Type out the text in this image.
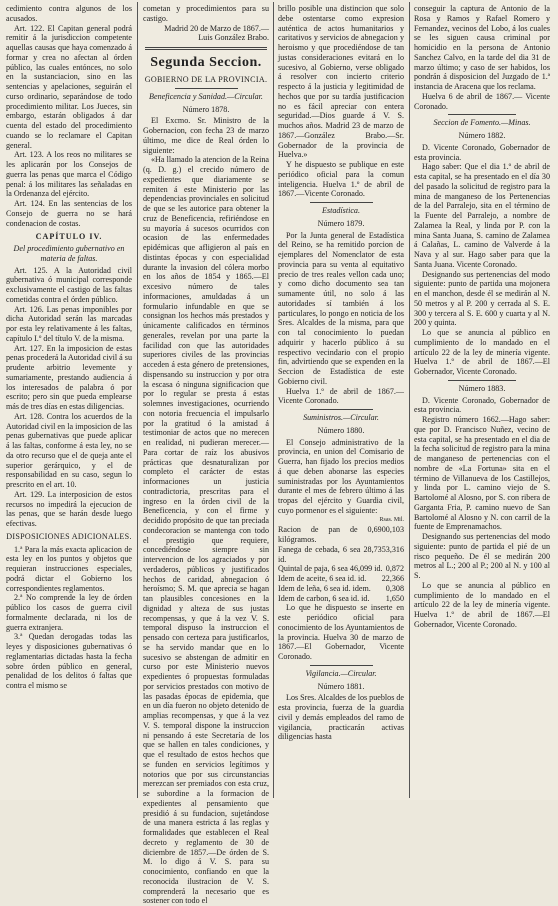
cedimiento contra algunos de los acusados.

Art. 122. El Capitan general podrá remitir á la jurisdiccion competente aquellas causas que haya comenzado á formar y crea no afectan al órden público, las cuales entónces, no solo en la sustanciacion, sino en las sentencias y apelaciones, seguirán el curso ordinario, separándose de todo procedimiento militar. Los Jueces, sin embargo, estarán obligados á dar cuenta del estado del procedimiento cuando se lo reclamare el Capitan general.

Art. 123. A los reos no militares se les aplicarán por los Consejos de guerra las penas que marca el Código penal: á los militares las señaladas en la Ordenanza del ejército.

Art. 124. En las sentencias de los Consejo de guerra no se hará condenacion de costas.

CAPÍTULO IV.

Del procedimiento gubernativo en materia de faltas.

Art. 125. A la Autoridad civil gubernativa ó municipal corresponde exclusivamente el castigo de las faltas cometidas contra el órden público.

Art. 126. Las penas imponibles por dicha Autoridad serán las marcadas por esta ley relativamente á les faltas, capítulo I.º del título V. de la misma.

Art. 127. En la imposicion de estas penas procederá la Autoridad civil á su prudente arbitrio levemente y sumariamente, prestando audiencia á los interesados de palabra ó por escrito; pero sin que pueda emplearse más de tres días en estas diligencias.

Art. 128. Contra los acuerdos de la Autoridad civil en la imposicion de las penas gubernativas que puede aplicar á las faltas, conforme á esta ley, no se da otro recurso que el de queja ante el superior gerárquico, y el de responsabilidad en su caso, segun lo prescrito en el art. 10.

Art. 129. La interposicion de estos recursos no impedirá la ejecucion de las penas, que se harán desde luego efectivas.

DISPOSICIONES ADICIONALES.

1.ª Para la más exacta aplicacion de esta ley en los puntos y objetos que requieran instrucciones especiales, podrá dictar el Gobierno los correspondientes reglamentos.

2.ª No comprende la ley de órden público los casos de guerra civil formalmente declarada, ni los de guerra extranjera.

3.ª Quedan derogadas todas las leyes y disposiciones gubernativas ó reglamentarias dictadas hasta la fecha sobre órden público en general, penalidad de los delitos ó faltas que contra el mismo se

cometan y procedimientos para su castigo.

Madrid 20 de Marzo de 1867.— Luis González Brabo.

Segunda Seccion.
GOBIERNO DE LA PROVINCIA.

Beneficencia y Sanidad.—Circular.

Número 1878.

El Excmo. Sr. Ministro de la Gobernacion, con fecha 23 de marzo último, me dice de Real órden lo siguiente:

«Ha llamado la atencion de la Reina (q. D. g.) el crecido número de expedientes que diariamente se remiten á este Ministerio por las dependencias provinciales en solicitud de que se les autorice para obtener la cruz de Beneficencia, refiriéndose en su mayoría á sucesos ocurridos con ocasion de las enfermedades epidémicas que afligieron al país en distintas épocas y con especialidad durante la invasion del cólera morbo en los años de 1854 y 1865.—El excesivo número de tales informaciones, amuldadas á un formulario infundable en que se consignan los hechos más prestados y únicamente calificados en términos generales, revelan por una parte la facilidad con que las autoridades superiores civiles de las provincias acceden á esta género de pretensiones, dispensando su instruccion y por otra la escasa ó ninguna significacion que por lo regular se presta á estas solemnes investigaciones, ocurriendo con notoria frecuencia el impulsarlo por la gratitud ó la amistad á testimoniar de actos que no merecen en realidad, ni pudieran merecer.—Para cortar de raíz los abusivos prácticas que desnaturalizan por completo el carácter de estas informaciones un justicia contradictoria, prescritas para el ingreso en la órden civil de la Beneficencia, y con el firme y decidido propósito de que tan preciada condecoracion se mantenga con todo el prestigio que requiere, concediéndose siempre sin intervencion de los agraciados y por verdaderos, públicos y justificados hechos de caridad, abnegacion ó heroísmo; S. M. que aprecia se hagan tan plausibles concesiones en la dignidad y alteza de sus justas recompensas, y que á la vez V. S. temporal dispuso la instruccion el pensado con certeza para justificarlos, se ha servido mandar que en lo sucesivo se abstengan de admitir en curso por este Ministerio nuevos expedientes ó propuestas formuladas por servicios prestados con motivo de las pasadas épocas de epidemia, que en un día fueron no objeto detenido de amplias recompensas, y que á la vez V. S. temporal dispone la instruccion ni pensando á este Secretaría de los que se hallen en tales condiciones, y que el resultado de estos hechos que se funden en servicios legítimos y notorios que por sus circunstancias merezcan ser premiados con esta cruz, se subordine a la formacion de expedientes al pensamiento que presidió á su fundacion, sujetándose de una manera estricta á las reglas y formalidades que establecen el Real decreto y reglamento de 30 de diciembre de 1857.—De órden de S. M. lo digo á V. S. para su conocimiento, confiando en que la reconocida ilustracion de V. S. comprenderá la necesario que es sostener con todo el

brillo posible una distincion que solo debe ostentarse como expresion auténtica de actos humanitarios y caritativos y servicios de abnegacion y heroismo y que procediéndose de tan justas consideraciones evitará en lo sucesivo, al Gobierno, verse obligado á resolver con incierto criterio respecto á la justicia y legitimidad de hechos que por su tardía justificacion no es fácil apreciar con entera seguridad.—Dios guarde á V. S. muchos años. Madrid 23 de marzo de 1867.—González Brabo.—Sr. Gobernador de la provincia de Huelva.»

Y he dispuesto se publique en este periódico oficial para la comun inteligencia. Huelva 1.º de abril de 1867.—Vicente Coronado.

Estadística.

Número 1879.

Por la Junta general de Estadística del Reino, se ha remitido porcion de ejemplares del Nomenclator de esta provincia para su venta al equitativo precio de tres reales vellon cada uno; y como dicho documento sea tan sumamente útil, no solo á las autoridades sí también á los particulares, lo pongo en noticia de los Sres. Alcaldes de la misma, para que con tal conocimiento lo puedan adquirir y hacerlo público á su respectivo vecindario con el propio fin, advirtiendo que se expenden en la Seccion de Estadística de este Gobierno civil.

Huelva 1.º de abril de 1867.— Vicente Coronado.

Suministros.—Circular.

Número 1880.

El Consejo administrativo de la provincia, en union del Comisario de Guerra, han fijado los precios medios á que deben abonarse las especies suministradas por los Ayuntamientos durante el mes de febrero último á las tropas del ejército y Guardia civil, cuyo pormenor es el siguiente:

Rsas. Mil.

Racion de pan de 0,690 kilógramos.
0,103
Fanega de cebada, 6 sea 28,735 id.
3,316
Quintal de paja, 6 sea 46,099 id. 0,872
Idem de aceite, 6 sea id. id. 22,366
Idem de leña, 6 sea id. idem. 0,308
Idem de carbon, 6 sea id. id. 1,650

Lo que he dispuesto se inserte en este periódico oficial para conocimiento de los Ayuntamientos de la provincia. Huelva 30 de marzo de 1867.—El Gobernador, Vicente Coronado.

Vigilancia.—Circular.

Número 1881.

Los Sres. Alcaldes de los pueblos de esta provincia, fuerza de la guardia civil y demás empleados del ramo de vigilancia, practicarán activas diligencias hasta

conseguir la captura de Antonio de la Rosa y Ramos y Rafael Romero y Fernandez, vecinos del Lobo, á los cuales se les siguen causa criminal por homicidio en la persona de Antonio Sanchez Calvo, en la tarde del dia 31 de marzo último; y caso de ser habidos, los pondrán á disposicion del Juzgado de 1.ª instancia de Aracena que los reclama.

Huelva 6 de abril de 1867.— Vicente Coronado.

Seccion de Fomento.—Minas.

Número 1882.

D. Vicente Coronado, Gobernador de esta provincia.

Hago saber: Que el dia 1.º de abril de esta capital, se ha presentado en el día 30 del pasado la solicitud de registro para la mina de manganeso de los Pertenencias de la del Parralejo, sita en el término de la Fuente del Parralejo, a nombre de Zalamea la Real, y linda por P. con la mina Santa Juana, S. camino de Zalamea á Calañas, L. camino de Valverde á la Nava y al sur. Hago saber para que la Santa Juana. Vicente Coronado.

Designando sus pertenencias del modo siguiente: punto de partida una mojonera en el manchon, desde él se medirán al N. 50 metros y al P. 200 y cerrada al S. E. 300 y tercera al S. E. 600 y cuarta y al N. 200 y quinta.

Lo que se anuncia al público en cumplimiento de lo mandado en el artículo 22 de la ley de minería vigente. Huelva 1.º de abril de 1867.—El Gobernador, Vicente Coronado.

Número 1883.

D. Vicente Coronado, Gobernador de esta provincia.

Registro número 1662.—Hago saber: que por D. Francisco Nuñez, vecino de esta capital, se ha presentado en el dia de la fecha solicitud de registro para la mina de manganeso de pertenencias con el nombre de «La Fortuna» sita en el término de Villanueva de los Castillejos, y linda por L. camino viejo de S. Bartolomé al Alosno, por S. con ribera de Garganta Fria, P. camino nuevo de San Bartolomé al Alosno y N. con carril de la fuente de Emprenamachos.

Designando sus pertenencias del modo siguiente: punto de partida el pié de un risco pequeño. De él se medirán 200 metros al L.; 200 al P.; 200 al N. y 100 al S.

Lo que se anuncia al público en cumplimiento de lo mandado en el artículo 22 de la ley de minería vigente. Huelva 1.º de abril de 1867.—El Gobernador, Vicente Coronado.
